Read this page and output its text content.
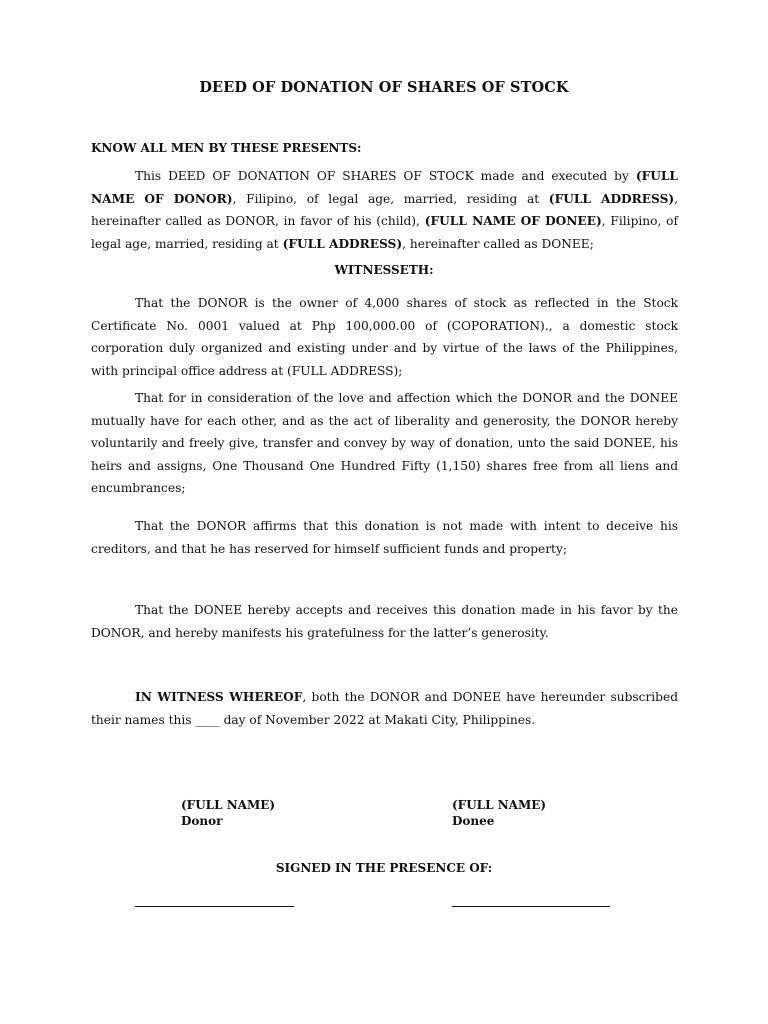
DEED OF DONATION OF SHARES OF STOCK
KNOW ALL MEN BY THESE PRESENTS:

This DEED OF DONATION OF SHARES OF STOCK made and executed by (FULL NAME OF DONOR), Filipino, of legal age, married, residing at (FULL ADDRESS), hereinafter called as DONOR, in favor of his (child), (FULL NAME OF DONEE), Filipino, of legal age, married, residing at (FULL ADDRESS), hereinafter called as DONEE;

WITNESSETH:

That the DONOR is the owner of 4,000 shares of stock as reflected in the Stock Certificate No. 0001 valued at Php 100,000.00 of (COPORATION)., a domestic stock corporation duly organized and existing under and by virtue of the laws of the Philippines, with principal office address at (FULL ADDRESS);

That for in consideration of the love and affection which the DONOR and the DONEE mutually have for each other, and as the act of liberality and generosity, the DONOR hereby voluntarily and freely give, transfer and convey by way of donation, unto the said DONEE, his heirs and assigns, One Thousand One Hundred Fifty (1,150) shares free from all liens and encumbrances;

That the DONOR affirms that this donation is not made with intent to deceive his creditors, and that he has reserved for himself sufficient funds and property;

That the DONEE hereby accepts and receives this donation made in his favor by the DONOR, and hereby manifests his gratefulness for the latter’s generosity.

IN WITNESS WHEREOF, both the DONOR and DONEE have hereunder subscribed their names this ____ day of November 2022 at Makati City, Philippines.

(FULL NAME)
Donor
(FULL NAME)
Donee
SIGNED IN THE PRESENCE OF:
